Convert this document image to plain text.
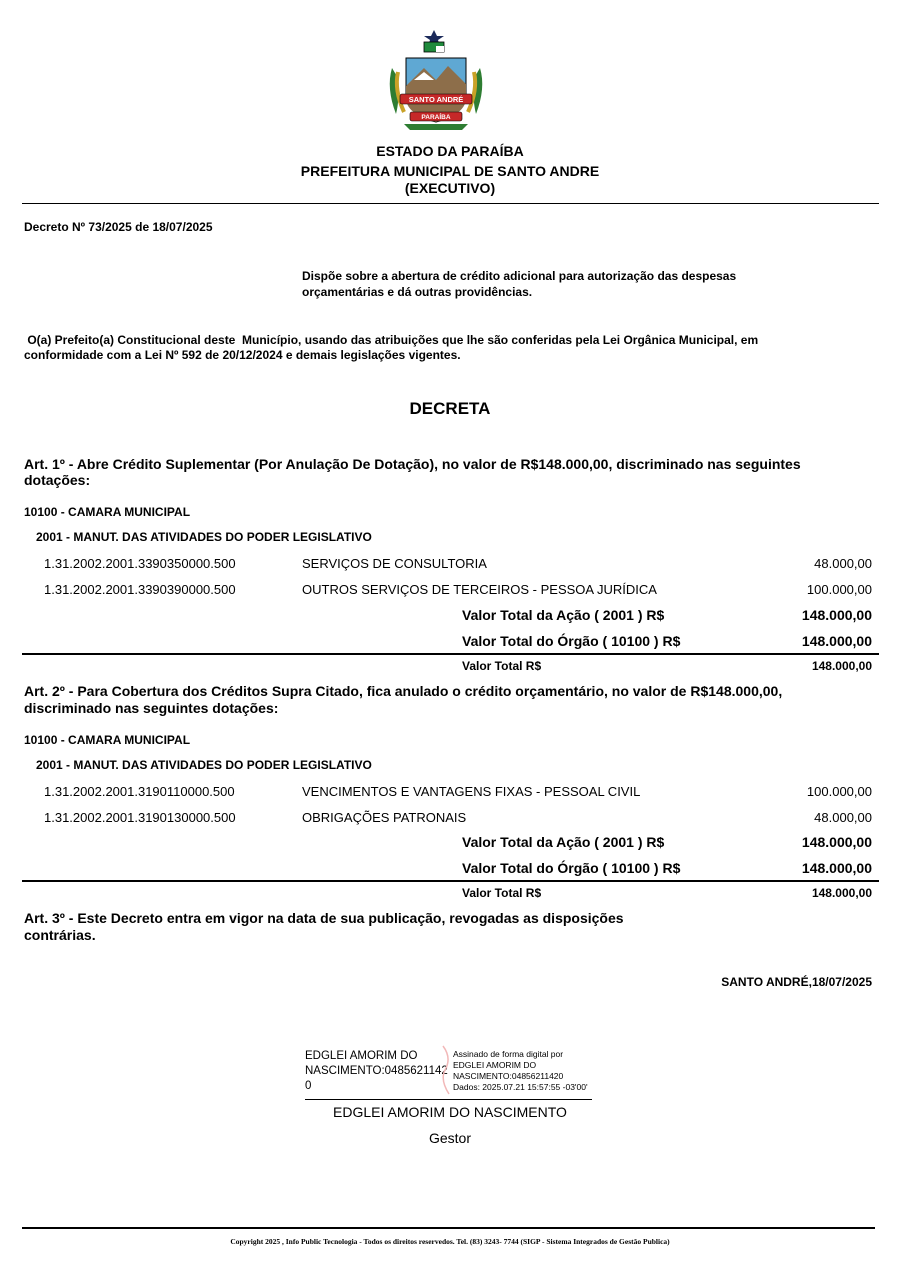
SANTO ANDRÉ
PARAÍBA
ESTADO DA PARAÍBA
PREFEITURA MUNICIPAL DE SANTO ANDRE
(EXECUTIVO)
Decreto Nº 73/2025 de 18/07/2025
Dispõe sobre a abertura de crédito adicional para autorização das despesas
orçamentárias e dá outras providências.
O(a) Prefeito(a) Constitucional deste  Município, usando das atribuições que lhe são conferidas pela Lei Orgânica Municipal, em
conformidade com a Lei Nº 592 de 20/12/2024 e demais legislações vigentes.
DECRETA
Art. 1º - Abre Crédito Suplementar (Por Anulação De Dotação), no valor de R$148.000,00, discriminado nas seguintes
dotações:
10100 - CAMARA MUNICIPAL
2001 - MANUT. DAS ATIVIDADES DO PODER LEGISLATIVO
1.31.2002.2001.3390350000.500	SERVIÇOS DE CONSULTORIA	48.000,00
1.31.2002.2001.3390390000.500	OUTROS SERVIÇOS DE TERCEIROS - PESSOA JURÍDICA	100.000,00
Valor Total da Ação ( 2001 ) R$	148.000,00
Valor Total do Órgão ( 10100 ) R$	148.000,00
Valor Total R$	148.000,00
Art. 2º - Para Cobertura dos Créditos Supra Citado, fica anulado o crédito orçamentário, no valor de R$148.000,00,
discriminado nas seguintes dotações:
10100 - CAMARA MUNICIPAL
2001 - MANUT. DAS ATIVIDADES DO PODER LEGISLATIVO
1.31.2002.2001.3190110000.500	VENCIMENTOS E VANTAGENS FIXAS - PESSOAL CIVIL	100.000,00
1.31.2002.2001.3190130000.500	OBRIGAÇÕES PATRONAIS	48.000,00
Valor Total da Ação ( 2001 ) R$	148.000,00
Valor Total do Órgão ( 10100 ) R$	148.000,00
Valor Total R$	148.000,00
Art. 3º - Este Decreto entra em vigor na data de sua publicação, revogadas as disposições
contrárias.
SANTO ANDRÉ,18/07/2025
EDGLEI AMORIM DO
NASCIMENTO:0485621142
0
Assinado de forma digital por
EDGLEI AMORIM DO
NASCIMENTO:04856211420
Dados: 2025.07.21 15:57:55 -03'00'
EDGLEI AMORIM DO NASCIMENTO
Gestor
Copyright 2025 , Info Public Tecnologia - Todos os direitos reservedos. Tel. (83) 3243- 7744 (SIGP - Sistema Integrados de Gestão Publica)
